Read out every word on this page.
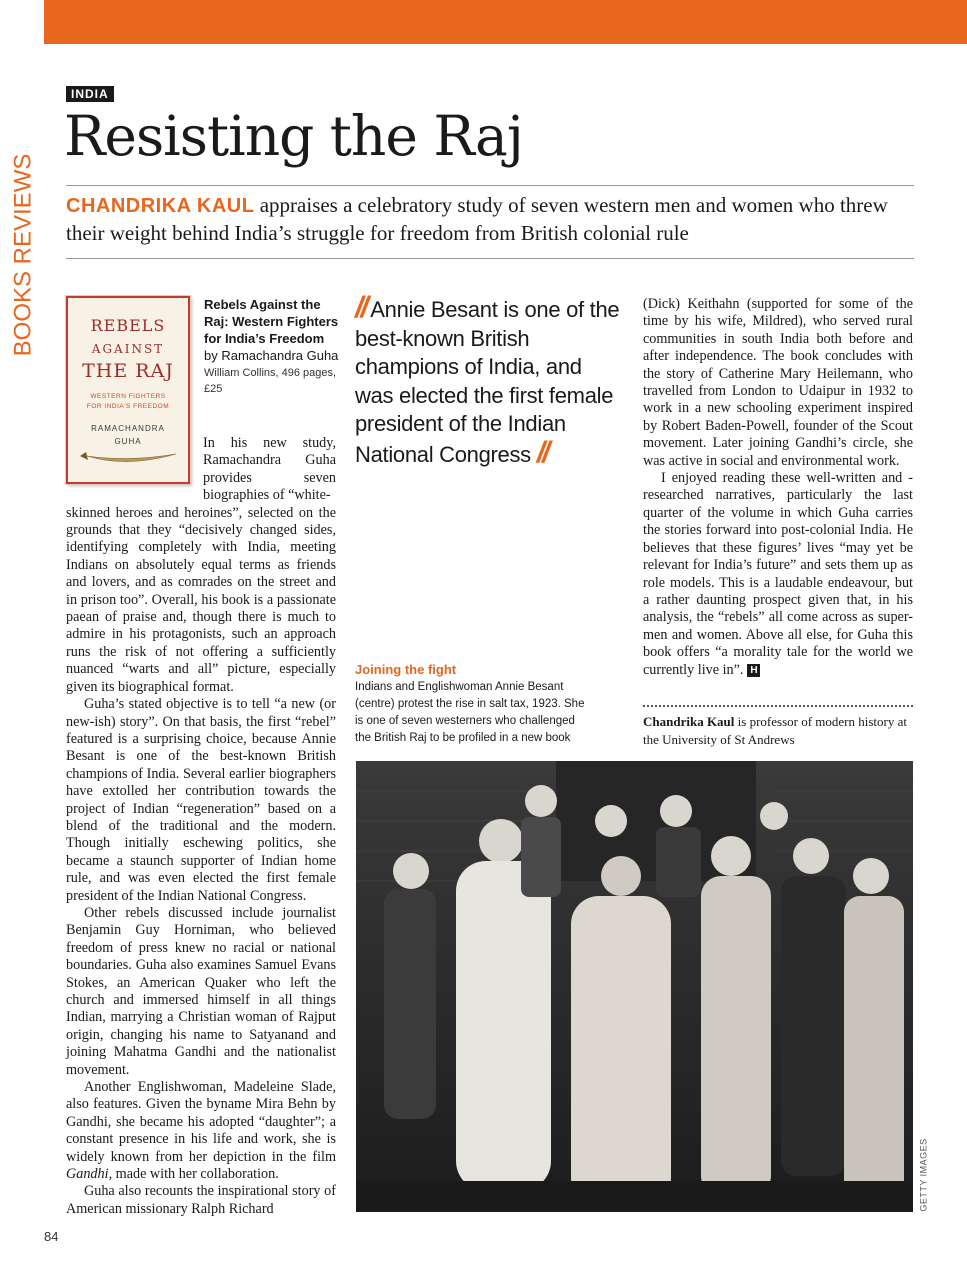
BOOKS REVIEWS
INDIA
Resisting the Raj
CHANDRIKA KAUL appraises a celebratory study of seven western men and women who threw their weight behind India’s struggle for freedom from British colonial rule
REBELS
AGAINST
THE RAJ
WESTERN FIGHTERS
FOR INDIA'S FREEDOM
RAMACHANDRA
GUHA
Rebels Against the Raj: Western Fighters for India’s Freedom
by Ramachandra Guha
William Collins, 496 pages, £25

In his new study, Ramachandra Guha provides seven biographies of “white-

skinned heroes and heroines”, selected on the grounds that they “decisively changed sides, identifying completely with India, meeting Indians on absolutely equal terms as friends and lovers, and as comrades on the street and in prison too”. Overall, his book is a passionate paean of praise and, though there is much to admire in his protagonists, such an approach runs the risk of not offering a sufficiently nuanced “warts and all” picture, especially given its biographical format.

Guha’s stated objective is to tell “a new (or new-ish) story”. On that basis, the first “rebel” featured is a surprising choice, because Annie Besant is one of the best-known British champions of India. Several earlier biographers have extolled her contribution towards the project of Indian “regeneration” based on a blend of the traditional and the modern. Though initially eschewing politics, she became a staunch supporter of Indian home rule, and was even elected the first female president of the Indian National Congress.

Other rebels discussed include journalist Benjamin Guy Horniman, who believed freedom of press knew no racial or national boundaries. Guha also examines Samuel Evans Stokes, an American Quaker who left the church and immersed himself in all things Indian, marrying a Christian woman of Rajput origin, changing his name to Satyanand and joining Mahatma Gandhi and the nationalist movement.

Another Englishwoman, Madeleine Slade, also features. Given the byname Mira Behn by Gandhi, she became his adopted “daughter”; a constant presence in his life and work, she is widely known from her depiction in the film Gandhi, made with her collaboration.

Guha also recounts the inspirational story of American missionary Ralph Richard

// Annie Besant is one of the best-known British champions of India, and was elected the first female president of the Indian National Congress //
Joining the fight
Indians and Englishwoman Annie Besant (centre) protest the rise in salt tax, 1923. She is one of seven westerners who challenged the British Raj to be profiled in a new book

(Dick) Keithahn (supported for some of the time by his wife, Mildred), who served rural communities in south India both before and after independence. The book concludes with the story of Catherine Mary Heilemann, who travelled from London to Udaipur in 1932 to work in a new schooling experiment inspired by Robert Baden-Powell, founder of the Scout movement. Later joining Gandhi’s circle, she was active in social and environmental work.

I enjoyed reading these well-written and -researched narratives, particularly the last quarter of the volume in which Guha carries the stories forward into post-colonial India. He believes that these figures’ lives “may yet be relevant for India’s future” and sets them up as role models. This is a laudable endeavour, but a rather daunting prospect given that, in his analysis, the “rebels” all come across as super-men and women. Above all else, for Guha this book offers “a morality tale for the world we currently live in”. H

Chandrika Kaul is professor of modern history at the University of St Andrews
GETTY IMAGES
84
